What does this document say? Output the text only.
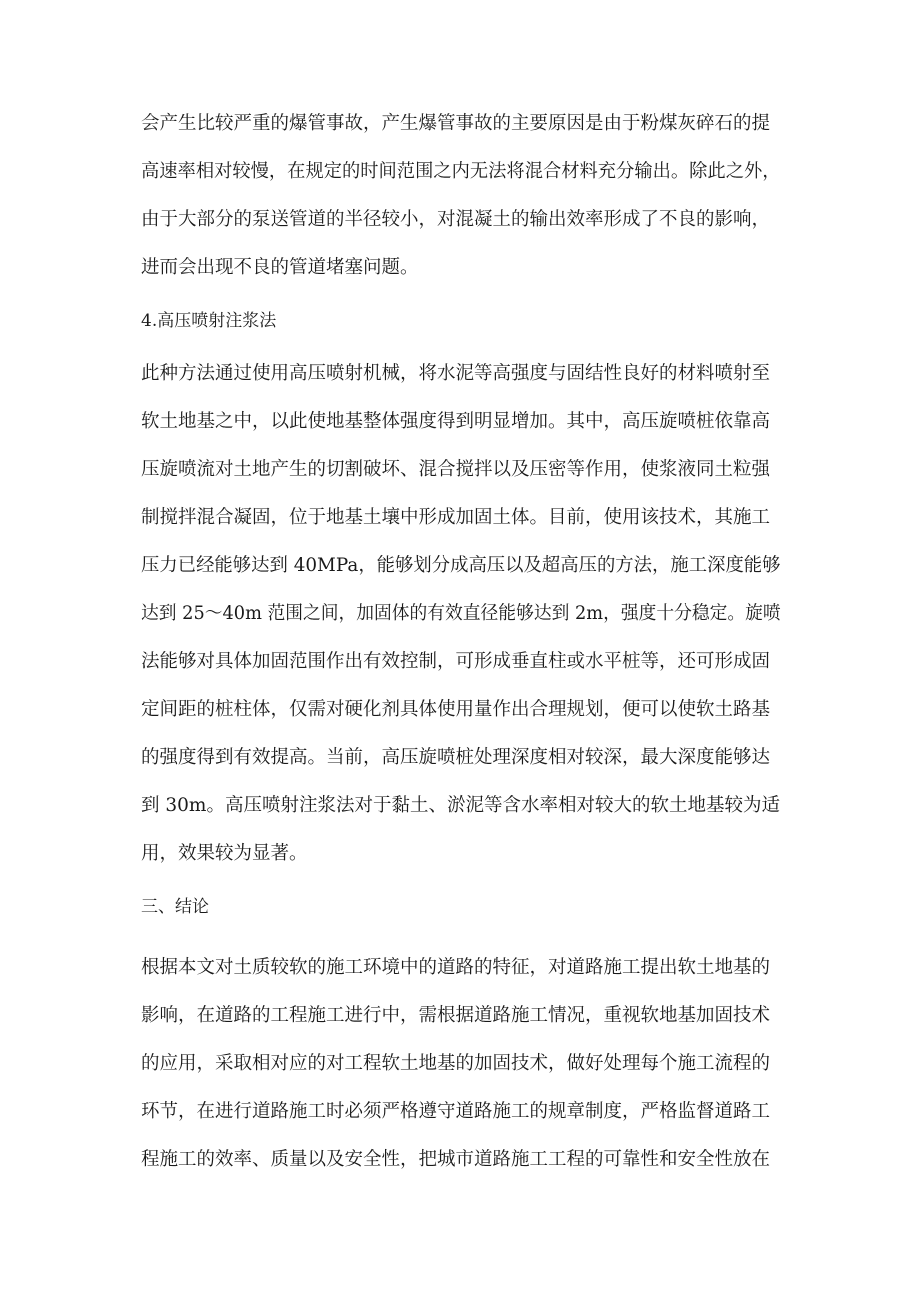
会产生比较严重的爆管事故，产生爆管事故的主要原因是由于粉煤灰碎石的提
高速率相对较慢，在规定的时间范围之内无法将混合材料充分输出。除此之外，
由于大部分的泵送管道的半径较小，对混凝土的输出效率形成了不良的影响，
进而会出现不良的管道堵塞问题。
4.高压喷射注浆法
此种方法通过使用高压喷射机械，将水泥等高强度与固结性良好的材料喷射至
软土地基之中，以此使地基整体强度得到明显增加。其中，高压旋喷桩依靠高
压旋喷流对土地产生的切割破坏、混合搅拌以及压密等作用，使浆液同土粒强
制搅拌混合凝固，位于地基土壤中形成加固土体。目前，使用该技术，其施工
压力已经能够达到 40MPa，能够划分成高压以及超高压的方法，施工深度能够
达到 25～40m 范围之间，加固体的有效直径能够达到 2m，强度十分稳定。旋喷
法能够对具体加固范围作出有效控制，可形成垂直柱或水平桩等，还可形成固
定间距的桩柱体，仅需对硬化剂具体使用量作出合理规划，便可以使软土路基
的强度得到有效提高。当前，高压旋喷桩处理深度相对较深，最大深度能够达
到 30m。高压喷射注浆法对于黏土、淤泥等含水率相对较大的软土地基较为适
用，效果较为显著。
三、结论
根据本文对土质较软的施工环境中的道路的特征，对道路施工提出软土地基的
影响，在道路的工程施工进行中，需根据道路施工情况，重视软地基加固技术
的应用，采取相对应的对工程软土地基的加固技术，做好处理每个施工流程的
环节，在进行道路施工时必须严格遵守道路施工的规章制度，严格监督道路工
程施工的效率、质量以及安全性，把城市道路施工工程的可靠性和安全性放在
